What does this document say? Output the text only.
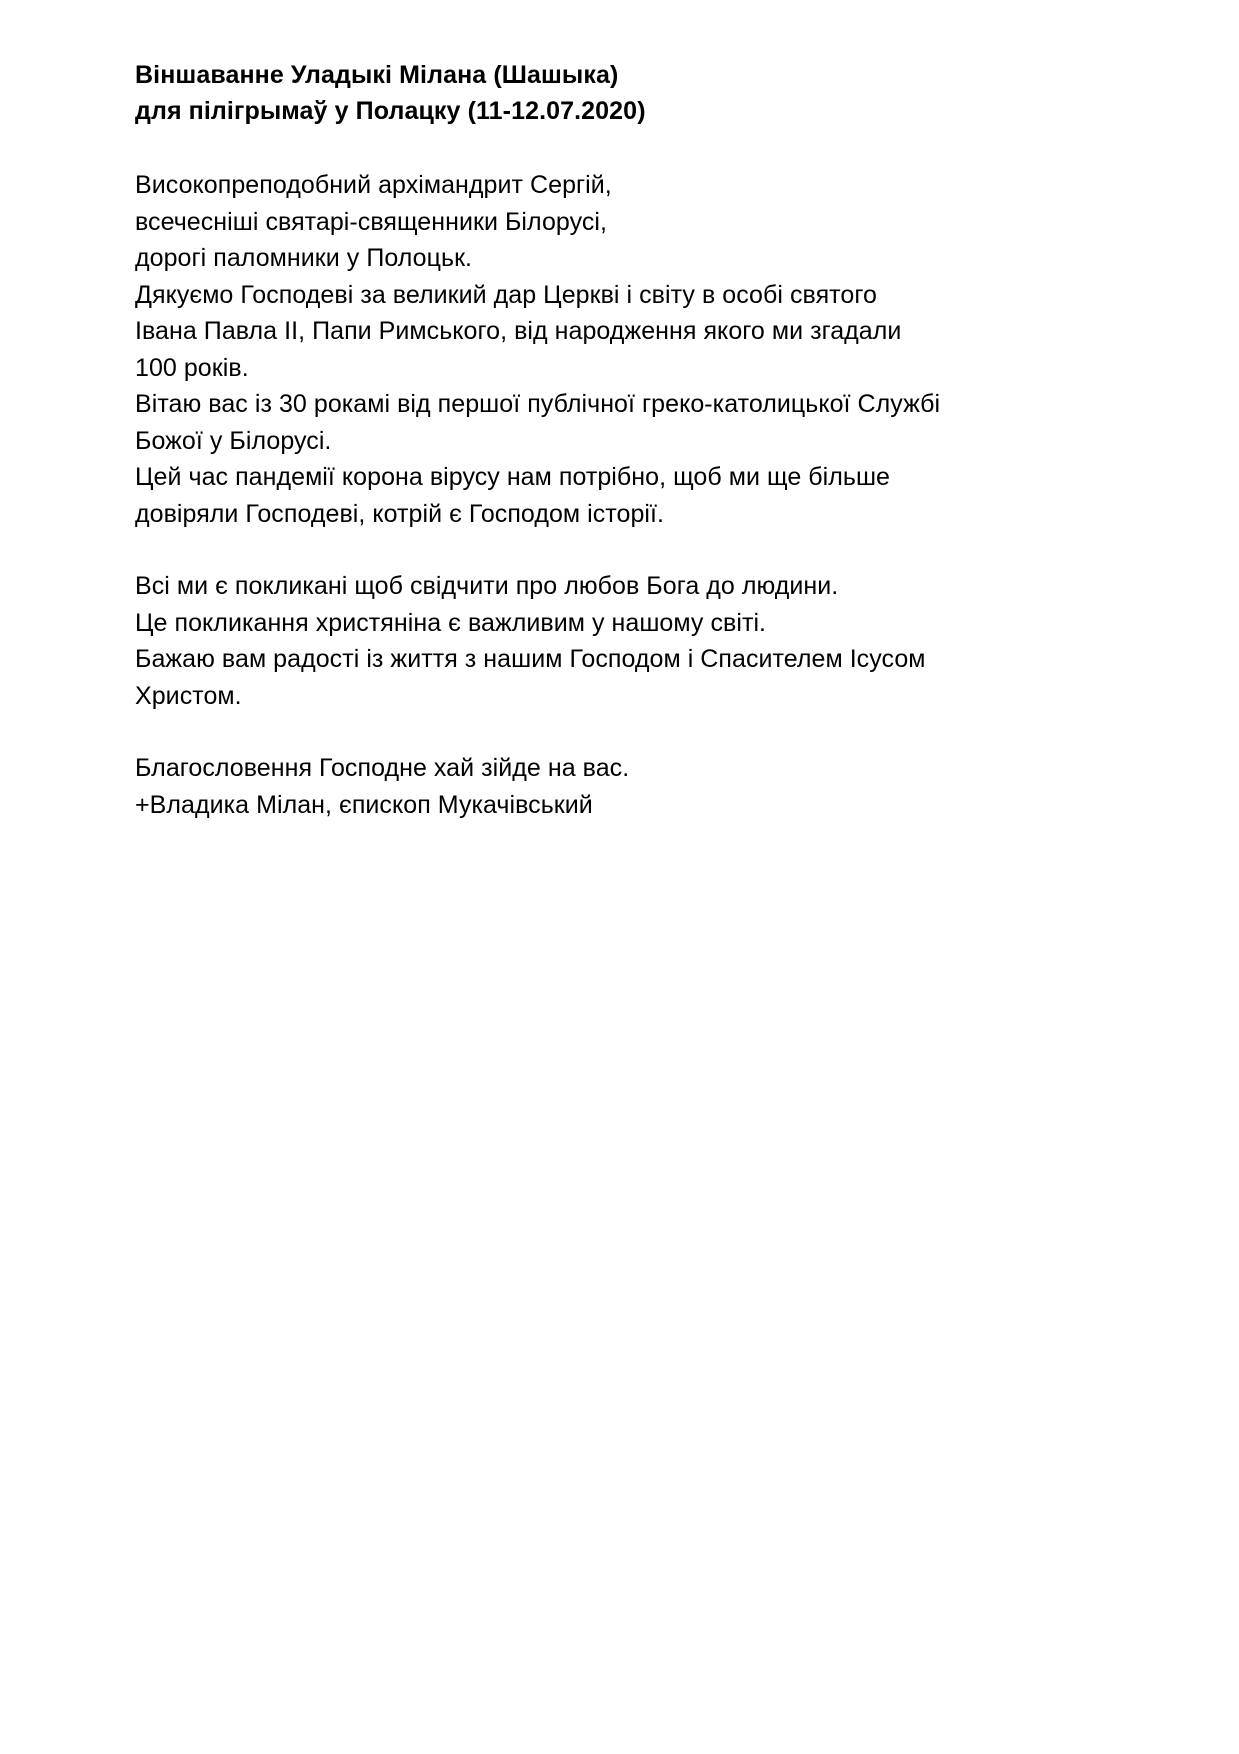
Віншаванне Уладыкі Мілана (Шашыка)
для пілігрымаў у Полацку (11-12.07.2020)

Високопреподобний архімандрит Сергій,
всечесніші святарі-священники Білорусі,
дорогі паломники у Полоцьк.
Дякуємо Господеві за великий дар Церкві і світу в особі святого
Івана Павла II, Папи Римського, від народження якого ми згадали
100 років.
Вітаю вас із 30 рокамі від першої публічної греко-католицької Службі
Божої у Білорусі.
Цей час пандемії корона вірусу нам потрібно, щоб ми ще більше
довіряли Господеві, котрій є Господом історії.

Всі ми є покликані щоб свідчити про любов Бога до людини.
Це покликання христяніна є важливим у нашому світі.
Бажаю вам радості із життя з нашим Господом і Спасителем Ісусом
Христом.

Благословення Господне хай зійде на вас.
+Владика Мілан, єпископ Мукачівський
